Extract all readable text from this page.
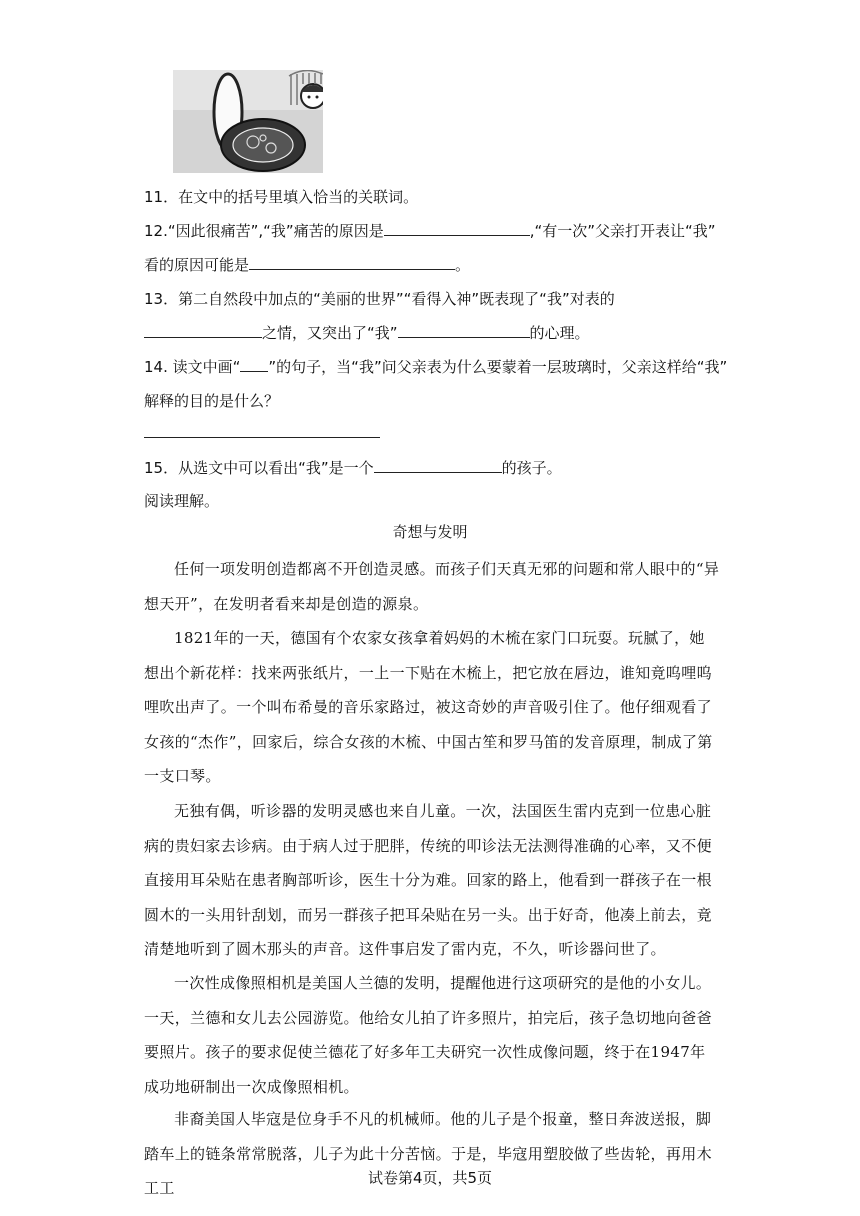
11．在文中的括号里填入恰当的关联词。
12.“因此很痛苦”,“我”痛苦的原因是	,“有一次”父亲打开表让“我”
看的原因可能是	。
13．第二自然段中加点的“美丽的世界”“看得入神”既表现了“我”对表的
之情，又突出了“我”	的心理。
14. 读文中画“ ”的句子，当“我”问父亲表为什么要蒙着一层玻璃时，父亲这样给“我”
解释的目的是什么？
15．从选文中可以看出“我”是一个	的孩子。
阅读理解。
奇想与发明
任何一项发明创造都离不开创造灵感。而孩子们天真无邪的问题和常人眼中的“异想天开”，在发明者看来却是创造的源泉。
1821年的一天，德国有个农家女孩拿着妈妈的木梳在家门口玩耍。玩腻了，她想出个新花样：找来两张纸片，一上一下贴在木梳上，把它放在唇边，谁知竟呜哩呜哩吹出声了。一个叫布希曼的音乐家路过，被这奇妙的声音吸引住了。他仔细观看了女孩的“杰作”，回家后，综合女孩的木梳、中国古笙和罗马笛的发音原理，制成了第一支口琴。
无独有偶，听诊器的发明灵感也来自儿童。一次，法国医生雷内克到一位患心脏病的贵妇家去诊病。由于病人过于肥胖，传统的叩诊法无法测得准确的心率，又不便直接用耳朵贴在患者胸部听诊，医生十分为难。回家的路上，他看到一群孩子在一根圆木的一头用针刮划，而另一群孩子把耳朵贴在另一头。出于好奇，他凑上前去，竟清楚地听到了圆木那头的声音。这件事启发了雷内克，不久，听诊器问世了。
一次性成像照相机是美国人兰德的发明，提醒他进行这项研究的是他的小女儿。一天，兰德和女儿去公园游览。他给女儿拍了许多照片，拍完后，孩子急切地向爸爸要照片。孩子的要求促使兰德花了好多年工夫研究一次性成像问题，终于在1947年成功地研制出一次成像照相机。
非裔美国人毕寇是位身手不凡的机械师。他的儿子是个报童，整日奔波送报，脚踏车上的链条常常脱落，儿子为此十分苦恼。于是，毕寇用塑胶做了些齿轮，再用木工工
试卷第4页，共5页
